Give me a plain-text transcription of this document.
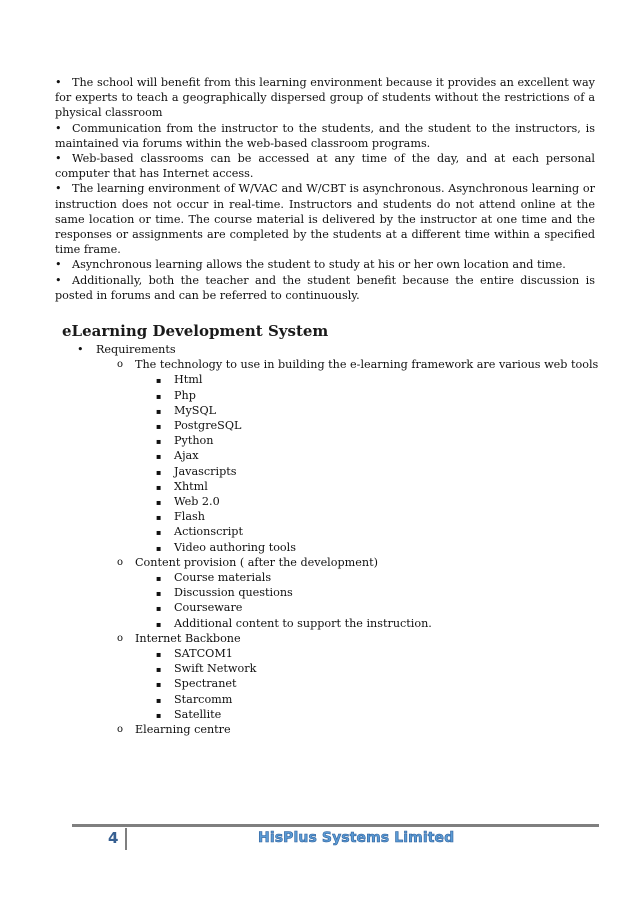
• The school will benefit from this learning environment because it provides an excellent way for experts to teach a geographically dispersed group of students without the restrictions of a physical classroom

• Communication from the instructor to the students, and the student to the instructors, is maintained via forums within the web-based classroom programs.

• Web-based classrooms can be accessed at any time of the day, and at each personal computer that has Internet access.

• The learning environment of W/VAC and W/CBT is asynchronous. Asynchronous learning or instruction does not occur in real-time. Instructors and students do not attend online at the same location or time. The course material is delivered by the instructor at one time and the responses or assignments are completed by the students at a different time within a specified time frame.

• Asynchronous learning allows the student to study at his or her own location and time.

• Additionally, both the teacher and the student benefit because the entire discussion is posted in forums and can be referred to continuously.

eLearning Development System
• Requirements
o The technology to use in building the e-learning framework are various web tools
▪ Html
▪ Php
▪ MySQL
▪ PostgreSQL
▪ Python
▪ Ajax
▪ Javascripts
▪ Xhtml
▪ Web 2.0
▪ Flash
▪ Actionscript
▪ Video authoring tools
o Content provision ( after the development)
▪ Course materials
▪ Discussion questions
▪ Courseware
▪ Additional content to support the instruction.
o Internet Backbone
▪ SATCOM1
▪ Swift Network
▪ Spectranet
▪ Starcomm
▪ Satellite
o Elearning centre
4	HisPlus Systems Limited
